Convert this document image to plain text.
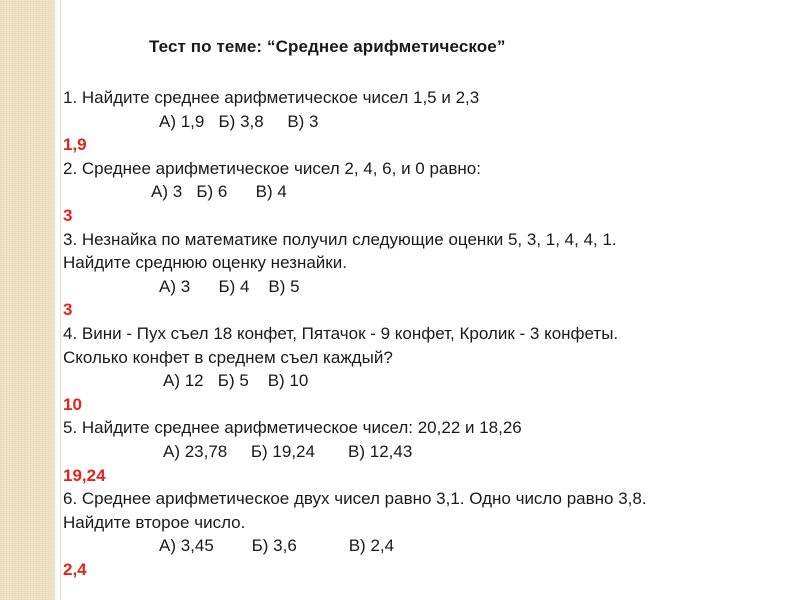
Тест по теме: “Среднее арифметическое”
1. Найдите среднее арифметическое чисел 1,5 и 2,3
А) 1,9   Б) 3,8     В) 3
1,9
2. Среднее арифметическое чисел 2, 4, 6, и 0 равно:
А) 3   Б) 6      В) 4
3
3. Незнайка по математике получил следующие оценки 5, 3, 1, 4, 4, 1.
Найдите среднюю оценку незнайки.
А) 3      Б) 4    В) 5
3
4. Вини - Пух съел 18 конфет, Пятачок - 9 конфет, Кролик - 3 конфеты.
Сколько конфет в среднем съел каждый?
А) 12   Б) 5    В) 10
10
5. Найдите среднее арифметическое чисел: 20,22 и 18,26
А) 23,78     Б) 19,24       В) 12,43
19,24
6. Среднее арифметическое двух чисел равно 3,1. Одно число равно 3,8.
Найдите второе число.
А) 3,45        Б) 3,6           В) 2,4
2,4
